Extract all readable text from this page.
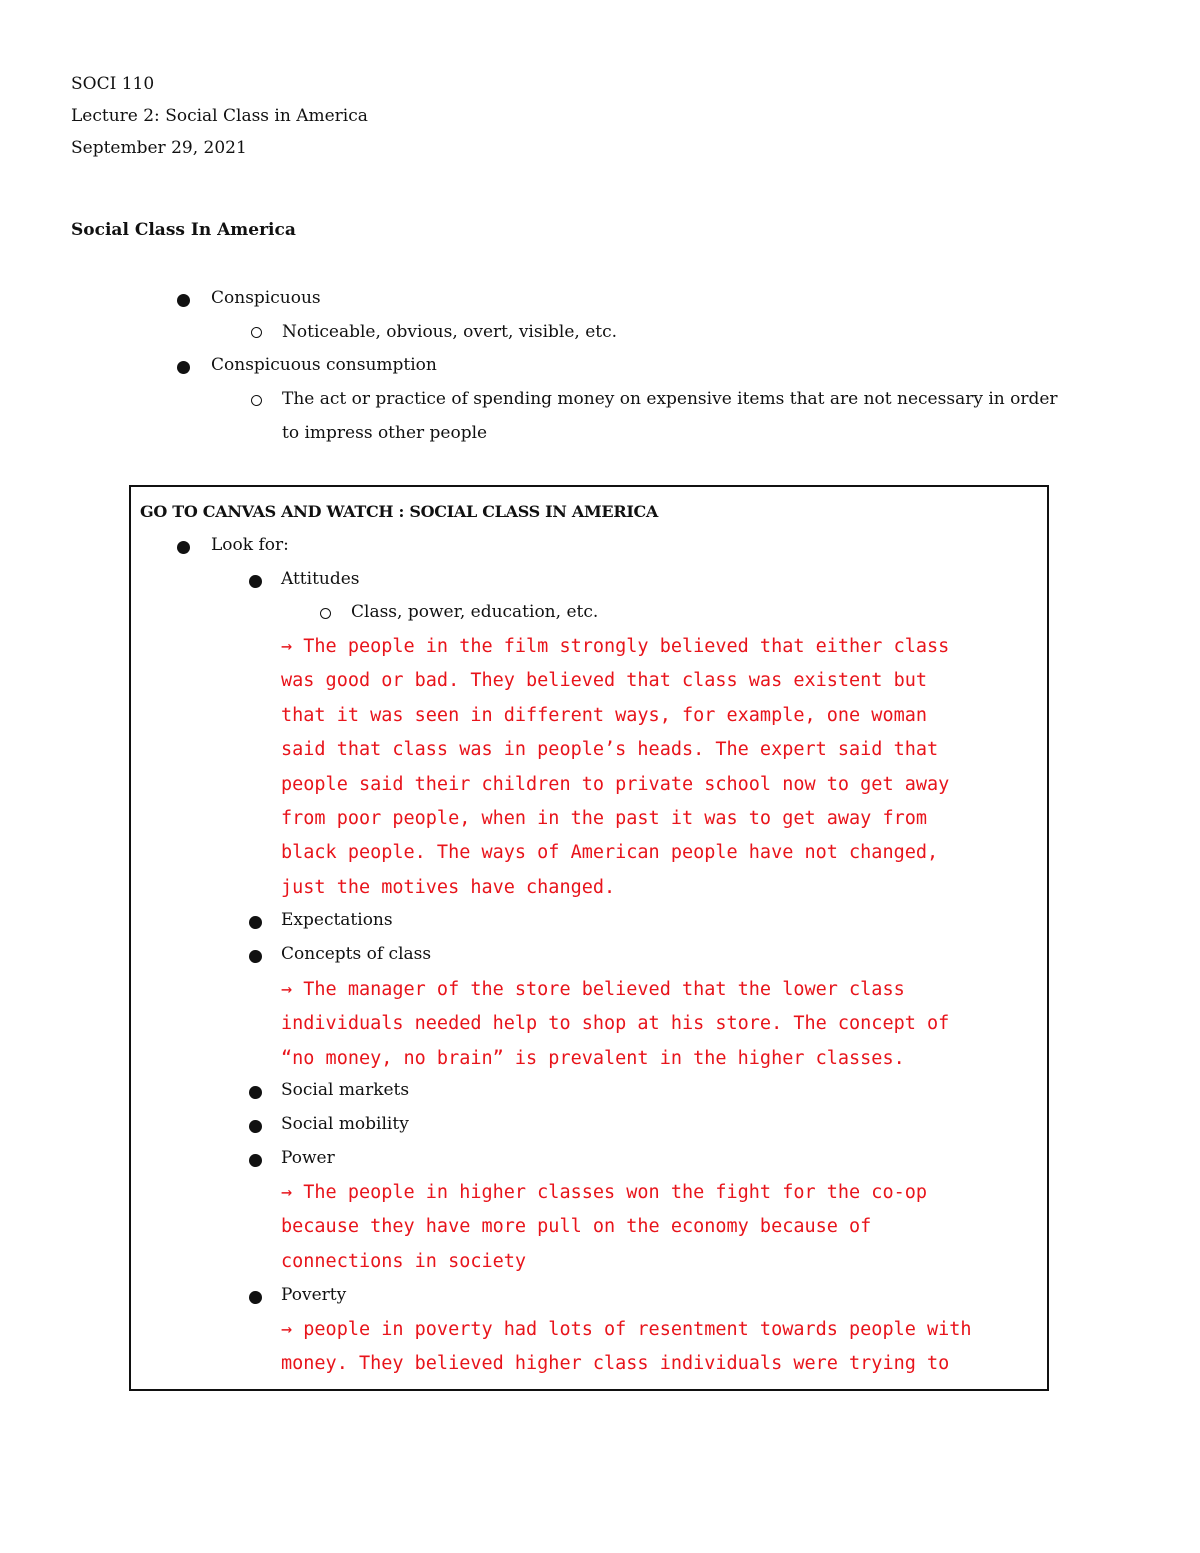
SOCI 110
Lecture 2: Social Class in America
September 29, 2021
Social Class In America
Conspicuous
Noticeable, obvious, overt, visible, etc.
Conspicuous consumption
The act or practice of spending money on expensive items that are not necessary in order
to impress other people
GO TO CANVAS AND WATCH : SOCIAL CLASS IN AMERICA
Look for:
Attitudes
Class, power, education, etc.
→ The people in the film strongly believed that either class
was good or bad. They believed that class was existent but
that it was seen in different ways, for example, one woman
said that class was in people’s heads. The expert said that
people said their children to private school now to get away
from poor people, when in the past it was to get away from
black people. The ways of American people have not changed,
just the motives have changed.
Expectations
Concepts of class
→ The manager of the store believed that the lower class
individuals needed help to shop at his store. The concept of
“no money, no brain” is prevalent in the higher classes.
Social markets
Social mobility
Power
→ The people in higher classes won the fight for the co-op
because they have more pull on the economy because of
connections in society
Poverty
→ people in poverty had lots of resentment towards people with
money. They believed higher class individuals were trying to
